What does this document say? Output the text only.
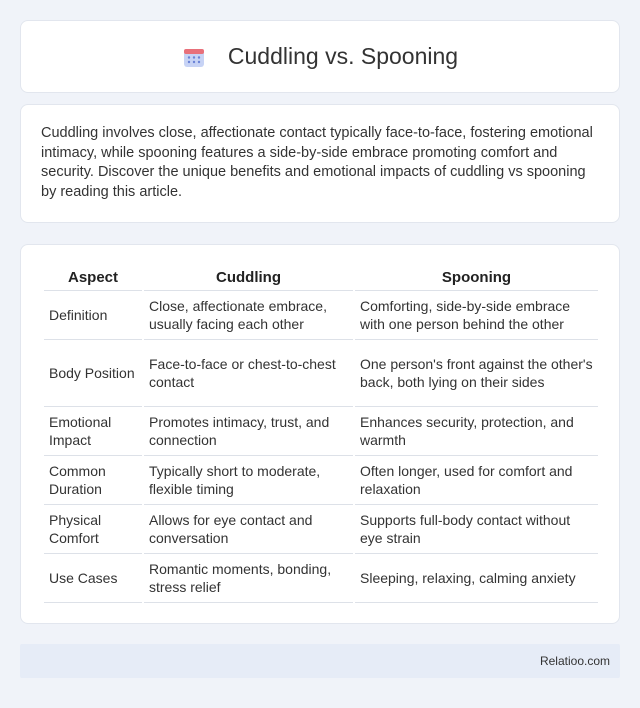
Cuddling vs. Spooning

Cuddling involves close, affectionate contact typically face-to-face, fostering emotional intimacy, while spooning features a side-by-side embrace promoting comfort and security. Discover the unique benefits and emotional impacts of cuddling vs spooning by reading this article.

Aspect	Cuddling	Spooning
Definition	Close, affectionate embrace, usually facing each other	Comforting, side-by-side embrace with one person behind the other
Body Position	Face-to-face or chest-to-chest contact	One person's front against the other's back, both lying on their sides
Emotional Impact	Promotes intimacy, trust, and connection	Enhances security, protection, and warmth
Common Duration	Typically short to moderate, flexible timing	Often longer, used for comfort and relaxation
Physical Comfort	Allows for eye contact and conversation	Supports full-body contact without eye strain
Use Cases	Romantic moments, bonding, stress relief	Sleeping, relaxing, calming anxiety
Relatioo.com
